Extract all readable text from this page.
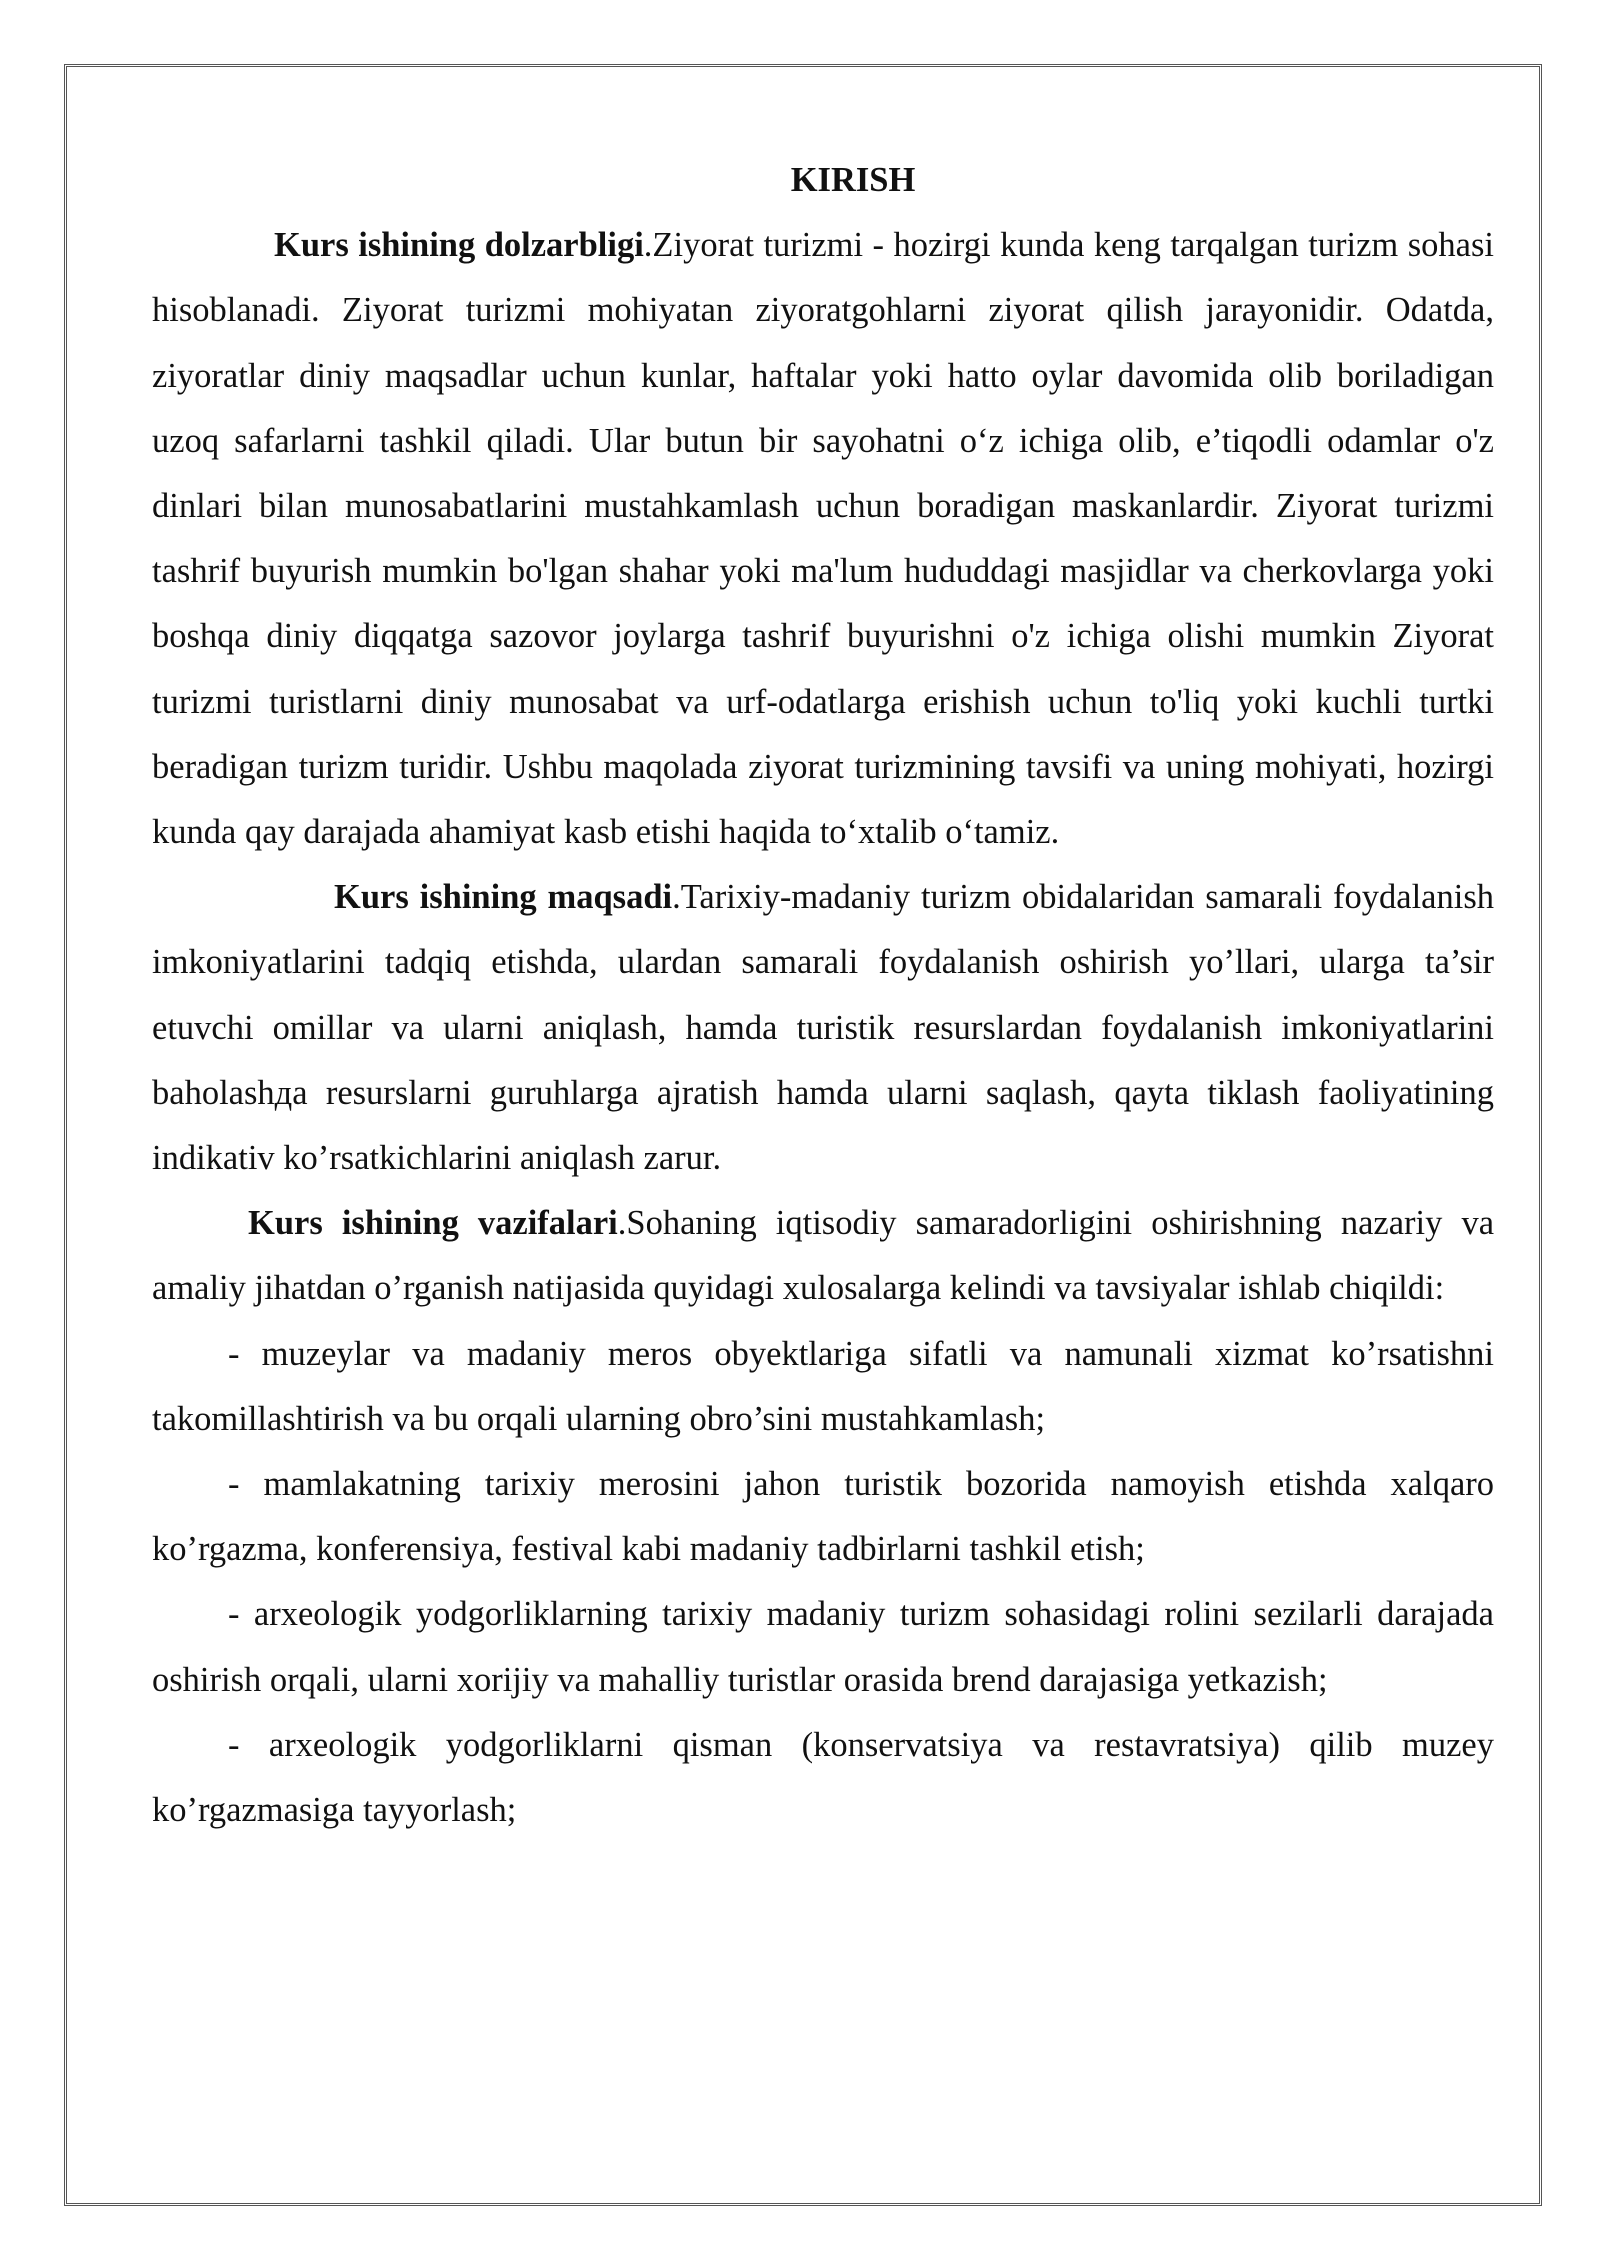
KIRISH

Kurs ishining dolzarbligi.Ziyorat turizmi - hozirgi kunda keng tarqalgan turizm sohasi hisoblanadi. Ziyorat turizmi mohiyatan ziyoratgohlarni ziyorat qilish jarayonidir. Odatda, ziyoratlar diniy maqsadlar uchun kunlar, haftalar yoki hatto oylar davomida olib boriladigan uzoq safarlarni tashkil qiladi. Ular butun bir sayohatni o‘z ichiga olib, e’tiqodli odamlar o'z dinlari bilan munosabatlarini mustahkamlash uchun boradigan maskanlardir. Ziyorat turizmi tashrif buyurish mumkin bo'lgan shahar yoki ma'lum hududdagi masjidlar va cherkovlarga yoki boshqa diniy diqqatga sazovor joylarga tashrif buyurishni o'z ichiga olishi mumkin Ziyorat turizmi turistlarni diniy munosabat va urf-odatlarga erishish uchun to'liq yoki kuchli turtki beradigan turizm turidir. Ushbu maqolada ziyorat turizmining tavsifi va uning mohiyati, hozirgi kunda qay darajada ahamiyat kasb etishi haqida to‘xtalib o‘tamiz.

Kurs ishining maqsadi.Tarixiy-madaniy turizm obidalaridan samarali foydalanish imkoniyatlarini tadqiq etishda, ulardan samarali foydalanish oshirish yo’llari, ularga ta’sir etuvchi omillar va ularni aniqlash, hamda turistik resurslardan foydalanish imkoniyatlarini baholashда resurslarni guruhlarga ajratish hamda ularni saqlash, qayta tiklash faoliyatining indikativ ko’rsatkichlarini aniqlash zarur.

Kurs ishining vazifalari.Sohaning iqtisodiy samaradorligini oshirishning nazariy va amaliy jihatdan o’rganish natijasida quyidagi xulosalarga kelindi va tavsiyalar ishlab chiqildi:

- muzeylar va madaniy meros obyektlariga sifatli va namunali xizmat ko’rsatishni takomillashtirish va bu orqali ularning obro’sini mustahkamlash;

- mamlakatning tarixiy merosini jahon turistik bozorida namoyish etishda xalqaro ko’rgazma, konferensiya, festival kabi madaniy tadbirlarni tashkil etish;

- arxeologik yodgorliklarning tarixiy madaniy turizm sohasidagi rolini sezilarli darajada oshirish orqali, ularni xorijiy va mahalliy turistlar orasida brend darajasiga yetkazish;

- arxeologik yodgorliklarni qisman (konservatsiya va restavratsiya) qilib muzey ko’rgazmasiga tayyorlash;
